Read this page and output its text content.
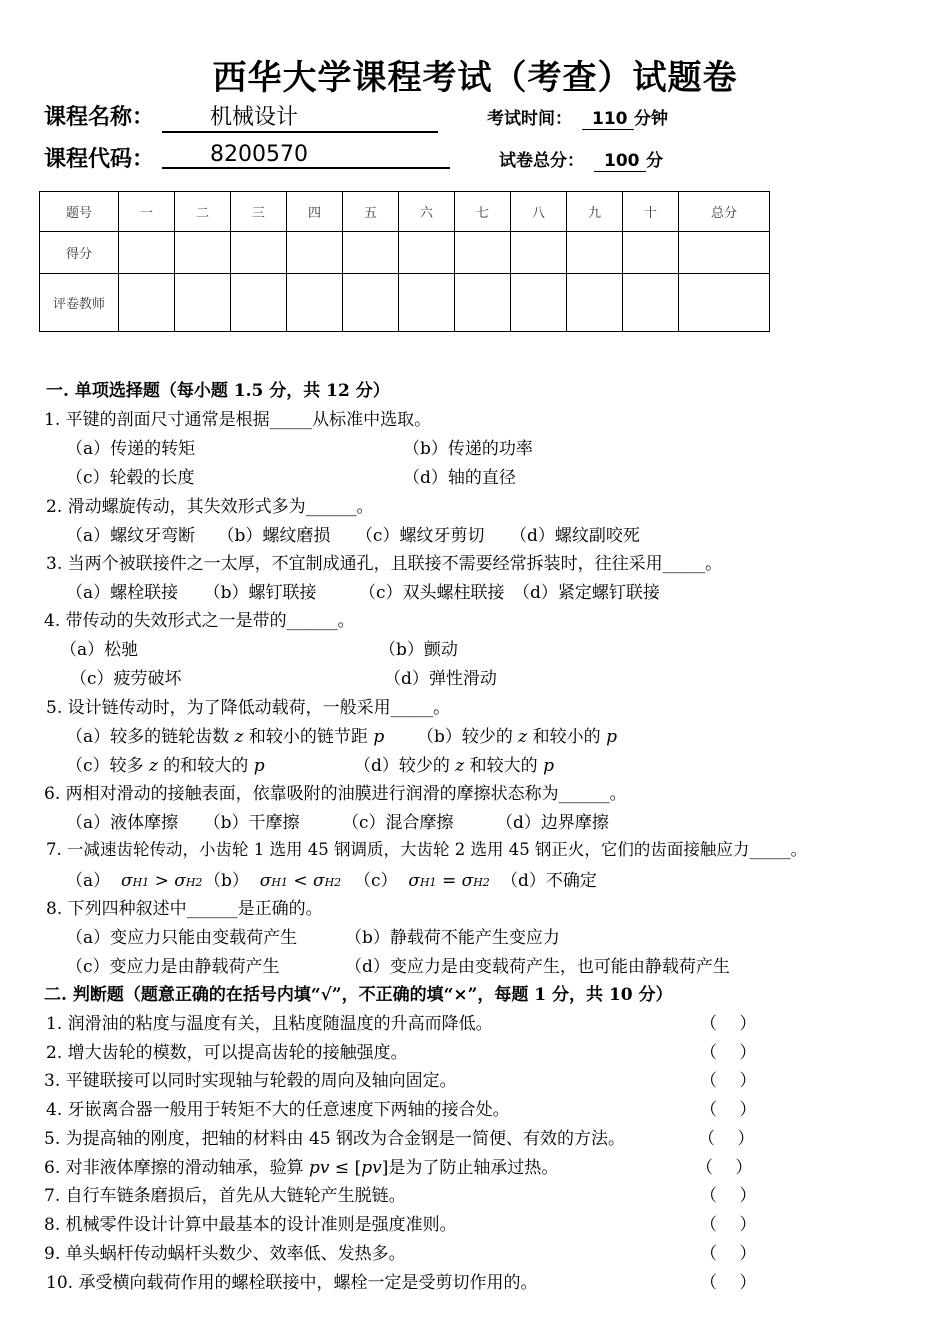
西华大学课程考试（考查）试题卷
课程名称：	机械设计	考试时间：	110 分钟
课程代码：	8200570	试卷总分：	100 分
题号	一	二	三	四	五	六	七	八	九	十	总分
得分											
评卷教师											
一. 单项选择题（每小题 1.5 分，共 12 分）
1. 平键的剖面尺寸通常是根据_____从标准中选取。
（a）传递的转矩	（b）传递的功率
（c）轮毂的长度	（d）轴的直径
2. 滑动螺旋传动，其失效形式多为______。
（a）螺纹牙弯断　 （b）螺纹磨损　　（c）螺纹牙剪切　　（d）螺纹副咬死
3. 当两个被联接件之一太厚，不宜制成通孔，且联接不需要经常拆装时，往往采用_____。
（a）螺栓联接　　（b）螺钉联接　　　（c）双头螺柱联接　（d）紧定螺钉联接
4. 带传动的失效形式之一是带的______。
（a）松驰	（b）颤动
（c）疲劳破坏	（d）弹性滑动
5. 设计链传动时，为了降低动载荷，一般采用_____。
（a）较多的链轮齿数 z 和较小的链节距 p （b）较少的 z 和较小的 p
（c）较多 z 的和较大的 p	（d）较少的 z 和较大的 p
6. 两相对滑动的接触表面，依靠吸附的油膜进行润滑的摩擦状态称为______。
（a）液体摩擦　　（b）干摩擦　　　（c）混合摩擦　　　（d）边界摩擦
7. 一减速齿轮传动，小齿轮 1 选用 45 钢调质，大齿轮 2 选用 45 钢正火，它们的齿面接触应力_____。
（a） σH1 > σH2 （b） σH1 < σH2 （c） σH1 = σH2 （d）不确定
8. 下列四种叙述中______是正确的。
（a）变应力只能由变载荷产生	（b）静载荷不能产生变应力
（c）变应力是由静载荷产生	（d）变应力是由变载荷产生，也可能由静载荷产生
二. 判断题（题意正确的在括号内填“√”，不正确的填“×”，每题 1 分，共 10 分）
1. 润滑油的粘度与温度有关，且粘度随温度的升高而降低。	（　 ）
2. 增大齿轮的模数，可以提高齿轮的接触强度。	（　 ）
3. 平键联接可以同时实现轴与轮毂的周向及轴向固定。	（　 ）
4. 牙嵌离合器一般用于转矩不大的任意速度下两轴的接合处。	（　 ）
5. 为提高轴的刚度，把轴的材料由 45 钢改为合金钢是一简便、有效的方法。	（　 ）
6. 对非液体摩擦的滑动轴承，验算 pv ≤ [pv]是为了防止轴承过热。	（　 ）
7. 自行车链条磨损后，首先从大链轮产生脱链。	（　 ）
8. 机械零件设计计算中最基本的设计准则是强度准则。	（　 ）
9. 单头蜗杆传动蜗杆头数少、效率低、发热多。	（　 ）
10. 承受横向载荷作用的螺栓联接中，螺栓一定是受剪切作用的。	（　 ）
